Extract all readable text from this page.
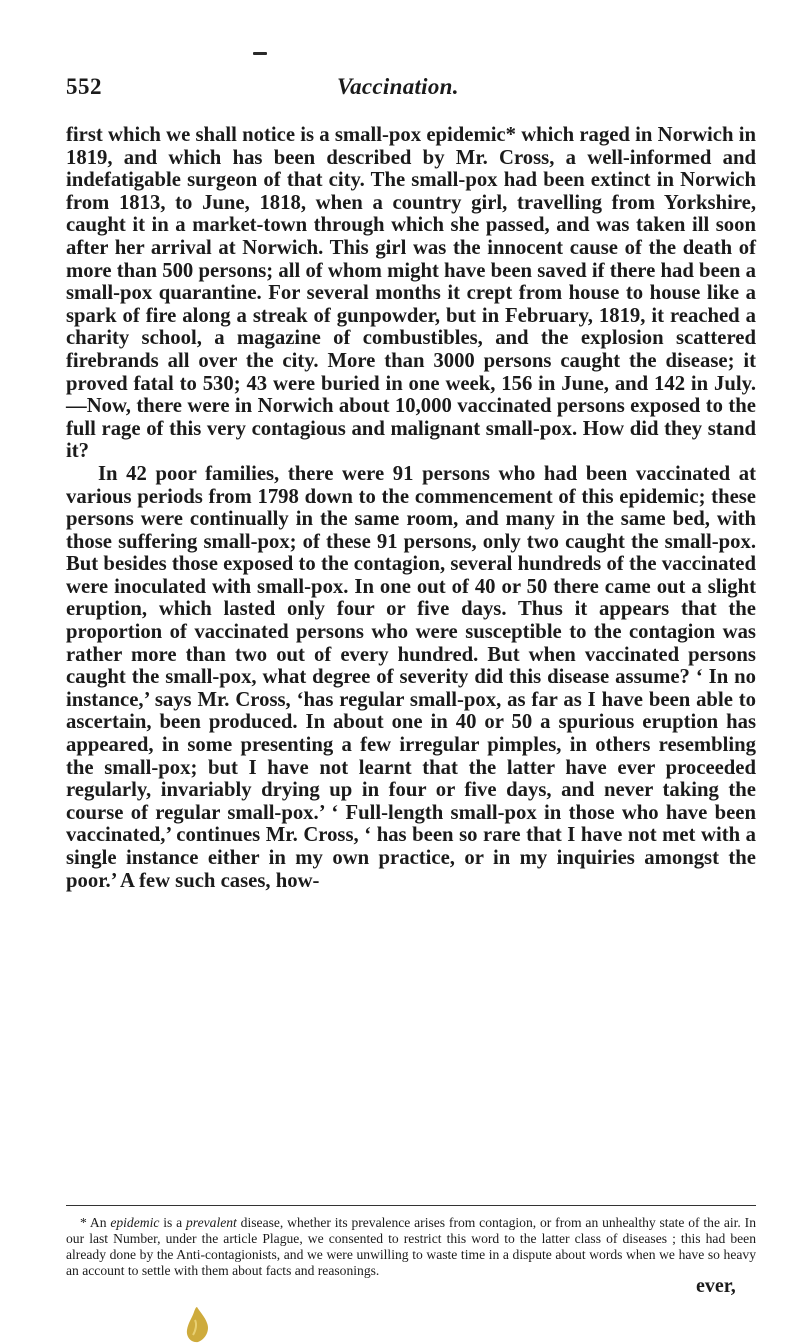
552	Vaccination.

first which we shall notice is a small-pox epidemic* which raged in Norwich in 1819, and which has been described by Mr. Cross, a well-informed and indefatigable surgeon of that city. The small-pox had been extinct in Norwich from 1813, to June, 1818, when a country girl, travelling from Yorkshire, caught it in a market-town through which she passed, and was taken ill soon after her arrival at Norwich. This girl was the innocent cause of the death of more than 500 persons; all of whom might have been saved if there had been a small-pox quarantine. For several months it crept from house to house like a spark of fire along a streak of gunpowder, but in February, 1819, it reached a charity school, a magazine of combustibles, and the explosion scattered firebrands all over the city. More than 3000 persons caught the disease; it proved fatal to 530; 43 were buried in one week, 156 in June, and 142 in July.—Now, there were in Norwich about 10,000 vaccinated persons exposed to the full rage of this very contagious and malignant small-pox. How did they stand it?

In 42 poor families, there were 91 persons who had been vaccinated at various periods from 1798 down to the commencement of this epidemic; these persons were continually in the same room, and many in the same bed, with those suffering small-pox; of these 91 persons, only two caught the small-pox. But besides those exposed to the contagion, several hundreds of the vaccinated were inoculated with small-pox. In one out of 40 or 50 there came out a slight eruption, which lasted only four or five days. Thus it appears that the proportion of vaccinated persons who were susceptible to the contagion was rather more than two out of every hundred. But when vaccinated persons caught the small-pox, what degree of severity did this disease assume? ‘ In no instance,’ says Mr. Cross, ‘has regular small-pox, as far as I have been able to ascertain, been produced. In about one in 40 or 50 a spurious eruption has appeared, in some presenting a few irregular pimples, in others resembling the small-pox; but I have not learnt that the latter have ever proceeded regularly, invariably drying up in four or five days, and never taking the course of regular small-pox.’ ‘ Full-length small-pox in those who have been vaccinated,’ continues Mr. Cross, ‘ has been so rare that I have not met with a single instance either in my own practice, or in my inquiries amongst the poor.’ A few such cases, how-

* An epidemic is a prevalent disease, whether its prevalence arises from contagion, or from an unhealthy state of the air. In our last Number, under the article Plague, we consented to restrict this word to the latter class of diseases ; this had been already done by the Anti-contagionists, and we were unwilling to waste time in a dispute about words when we have so heavy an account to settle with them about facts and reasonings.
ever,
